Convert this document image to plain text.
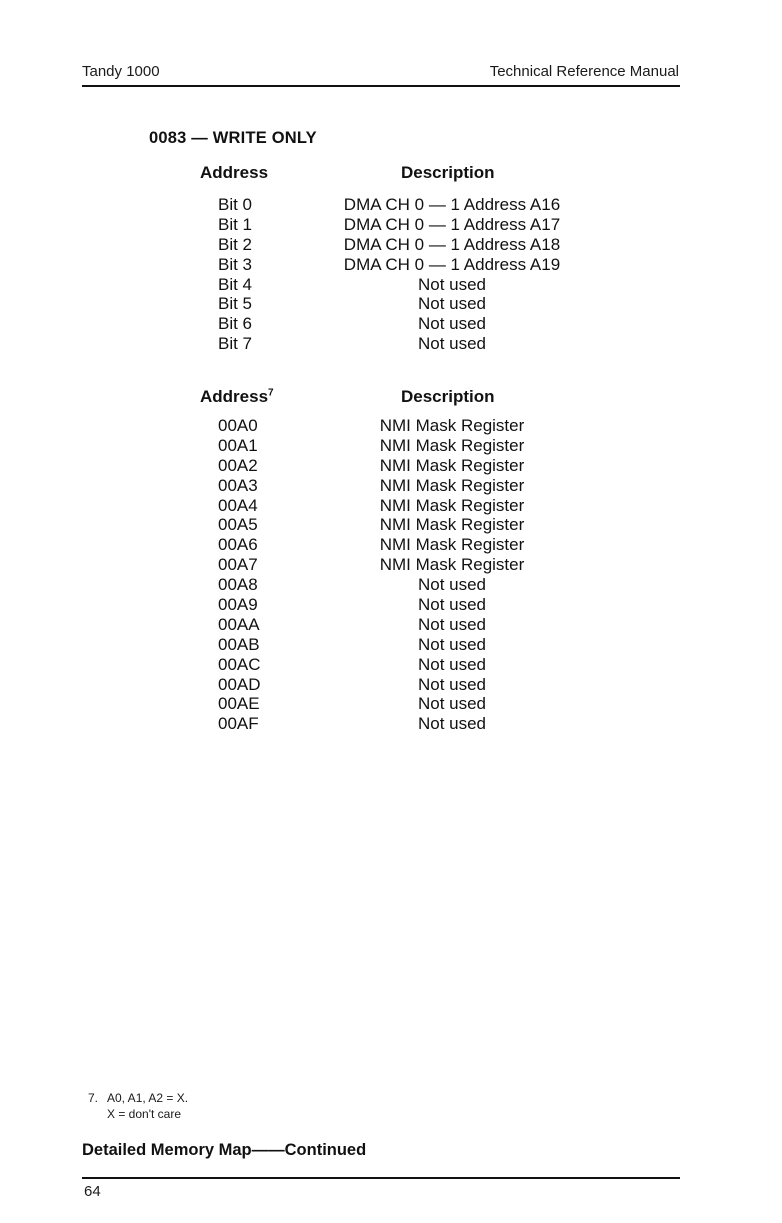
Tandy 1000	Technical Reference Manual
0083 — WRITE ONLY
Address	Description
Bit 0	DMA CH 0 — 1 Address A16
Bit 1	DMA CH 0 — 1 Address A17
Bit 2	DMA CH 0 — 1 Address A18
Bit 3	DMA CH 0 — 1 Address A19
Bit 4	Not used
Bit 5	Not used
Bit 6	Not used
Bit 7	Not used
Address$^7$	Description
00A0	NMI Mask Register
00A1	NMI Mask Register
00A2	NMI Mask Register
00A3	NMI Mask Register
00A4	NMI Mask Register
00A5	NMI Mask Register
00A6	NMI Mask Register
00A7	NMI Mask Register
00A8	Not used
00A9	Not used
00AA	Not used
00AB	Not used
00AC	Not used
00AD	Not used
00AE	Not used
00AF	Not used
7. A0, A1, A2 = X.
X = don't care
Detailed Memory Map——Continued
64
